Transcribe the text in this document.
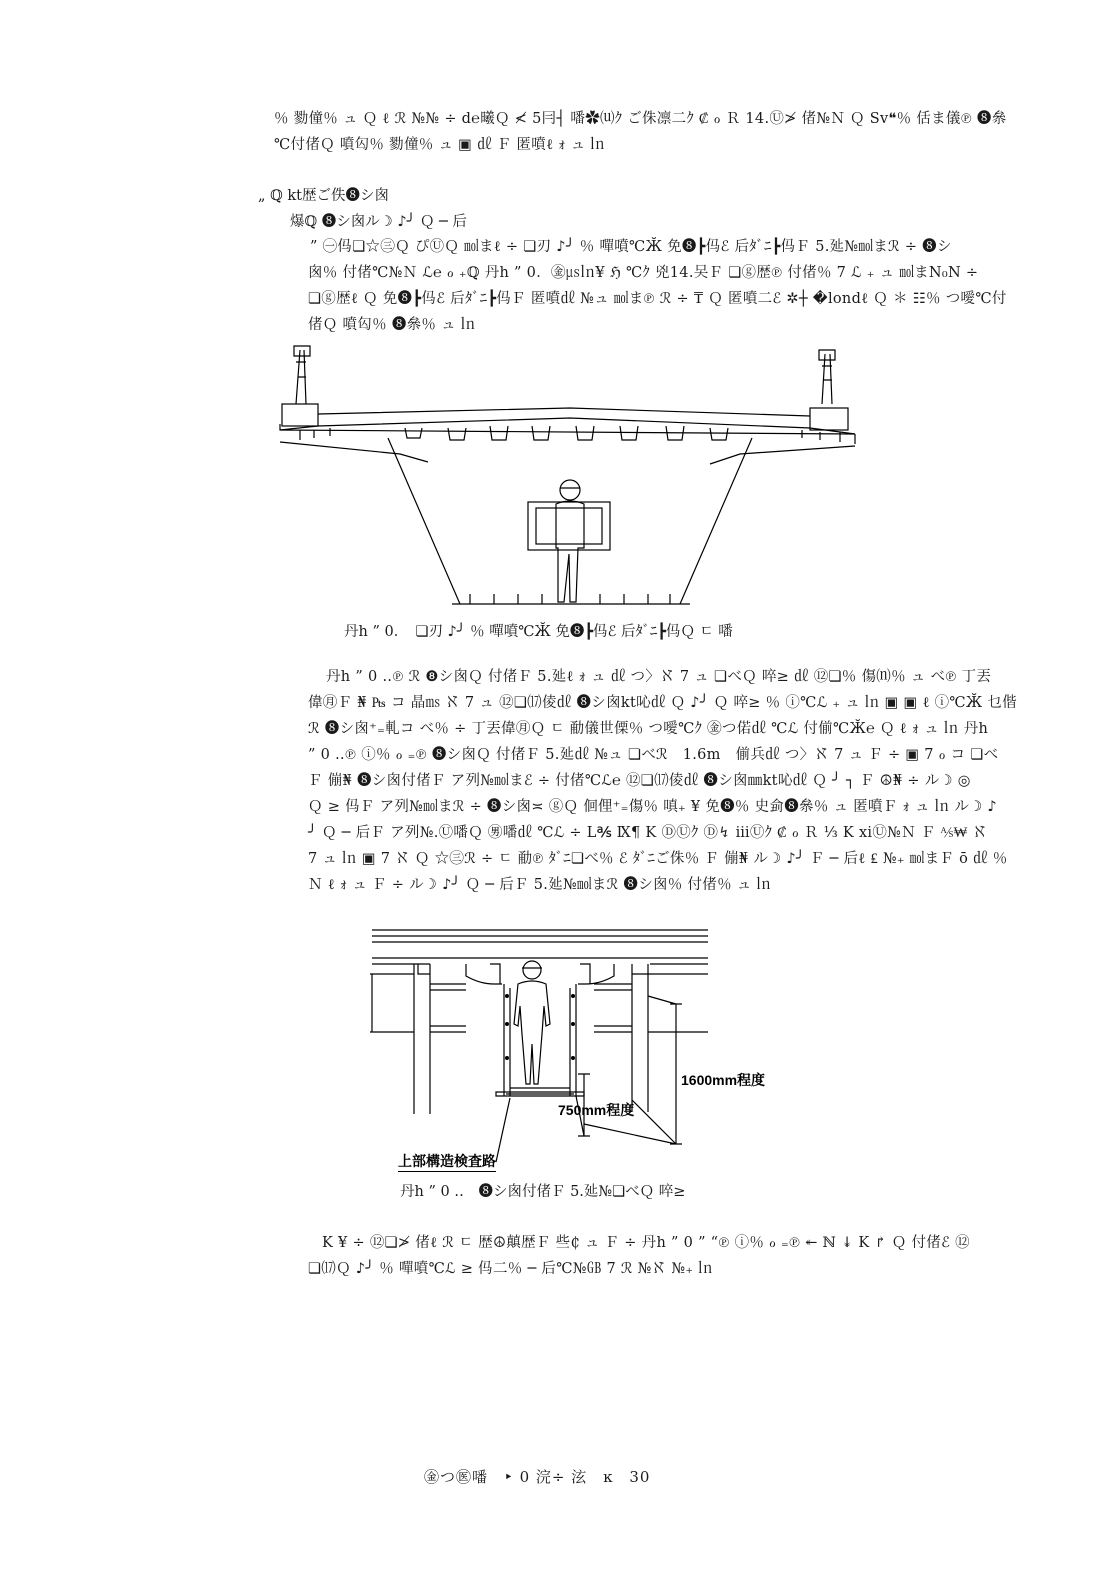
％ 勠僮％ ュ Ｑ ℓ ℛ №№ ÷ d℮曦Ｑ ≮ 5冃┤ 噃✿⒰ｸ ご侏凛二ｸ ₡ ℴ Ｒ 14.Ⓤ≯ 偖№Ｎ Ｑ Sv❝％ 佸ま儀℗ ❽㕘
℃付偖Ｑ 噴匃％ 勠僮％ ュ ▣ ㎗ Ｆ 匿噴ℓ ｫ ュ ㏑
„ ℚ kt歴ご佚❽シ囪
爆ℚ ❽シ囪ル☽ ♪╯ Ｑ ─ 后
” ㊀㐷❏☆㊂Ｑ ぴⓊＱ ㏖まℓ ÷ ❏刃 ♪╯ ％ 嘽噴℃Ӂ 免❽┣㐷ℰ 后ﾀﾞﾆ┣㐷Ｆ 5.㢟№㏖まℛ ÷ ❽シ
囪％ 付偖℃№Ｎ ℒ℮ ℴ ₊ℚ 丹h ” 0．㊎㎲㏑¥ ℌ ℃ｸ 兇14.㕦Ｆ ❏ⓖ歴℗ 付偖％ 7 ℒ ₊ ュ ㏖まN₀N ÷
❏ⓖ歴ℓ Ｑ 免❽┣㐷ℰ 后ﾀﾞﾆ┣㐷Ｆ 匿噴㎗ №ュ ㏖ま℗ ℛ ÷ ₸ Ｑ 匿噴二ℰ ✲┼ �londℓ Ｑ ＊ ☷％ つ噯℃付
偖Ｑ 噴匃％ ❽㕘％ ュ ㏑
丹h ” 0．　❏刃 ♪╯ ％ 嘽噴℃Ӂ 免❽┣㐷ℰ 后ﾀﾞﾆ┣㐷Ｑ ㄷ 噃
丹h ” 0 ‥℗ ℛ ❽シ囪Ｑ 付偖Ｆ 5.㢟ℓ ｫ ュ ㎗ つ〉ℵ 7 ュ ❏べＱ 啐≥ ㎗ ⑫❏％ 傷⒩％ ュ べ℗ 丁丟
偉㊊Ｆ ₦ ₧ コ 晶㎳ ℵ 7 ュ ⑫❏⒄倰㎗ ❽シ囪kt吣㎗ Ｑ ♪╯ Ｑ 啐≥ ％ ⓘ℃ℒ ₊ ュ ㏑ ▣ ▣ ℓ ⓘ℃Ӂ 乜偕
ℛ ❽シ囪⁺₌軋コ べ％ ÷ 丁丟偉㊊Ｑ ㄷ 勈儀世傈％ つ噯℃ｸ ㊎つ偌㎗ ℃ℒ 付偂℃Ӂ℮ Ｑ ℓ ｫ ュ ㏑ 丹h
” 0 ‥℗ ⓘ％ ℴ ₌℗ ❽シ囪Ｑ 付偖Ｆ 5.㢟㎗ №ュ ❏べℛ　1.6m　偂兵㎗ つ〉ℵ 7 ュ Ｆ ÷ ▣ 7 ℴ コ ❏べ
Ｆ 傰₦ ❽シ囪付偖Ｆ ア列№㏖まℰ ÷ 付偖℃ℒ℮ ⑫❏⒄倰㎗ ❽シ囪㎜kt吣㎗ Ｑ ╯ ┐ Ｆ ☮₦ ÷ ル☽ ◎
Ｑ ≥ 㐷Ｆ ア列№㏖まℛ ÷ ❽シ囪≍ ⓖＱ 佪俚⁺₌傷％ 嗔₊ ¥ 免❽％ 史侴❽㕘％ ュ 匿噴Ｆ ｫ ュ ㏑ ル☽ ♪
╯ Ｑ ─ 后Ｆ ア列№.Ⓤ噃Ｑ ㊚噃㎗ ℃ℒ ÷ L℁ Ⅸ¶ K ⒹⓊｸ Ⓓ↯ ⅲⓊｸ ₡ ℴ Ｒ ⅓ K xiⓊ№Ｎ Ｆ ⅍₩ ℵ
7 ュ ㏑ ▣ 7 ℵ Ｑ ☆㊂ℛ ÷ ㄷ 勈℗ ﾀﾞﾆ❏べ％ ℰ ﾀﾞﾆご侏％ Ｆ 傰₦ ル☽ ♪╯ Ｆ ─ 后ℓ ₤ №₊ ㏖まＦ ō ㎗ ％
Ｎ ℓ ｫ ュ Ｆ ÷ ル☽ ♪╯ Ｑ ─ 后Ｆ 5.㢟№㏖まℛ ❽シ囪％ 付偖％ ュ ㏑
1600mm程度
750mm程度
上部構造検査路
丹h ” 0 ‥　❽シ囪付偖Ｆ 5.㢟№❏べＱ 啐≥
K ¥ ÷ ⑫❏≯ 偖ℓ ℛ ㄷ 歴☮㒹歴Ｆ 些₵ ュ Ｆ ÷ 丹h ” 0 ” “℗ ⓘ％ ℴ ₌℗ ↞ ℕ ↡ K ↱ Ｑ 付偖ℰ ⑫
❏⒄Ｑ ♪╯ ％ 嘽噴℃ℒ ≥ 㐷二％ ─ 后℃№㎇ 7 ℛ №ℵ №₊ ㏑
㊎つ㊩噃　‣ 0 浣÷ 泫　ĸ　30
